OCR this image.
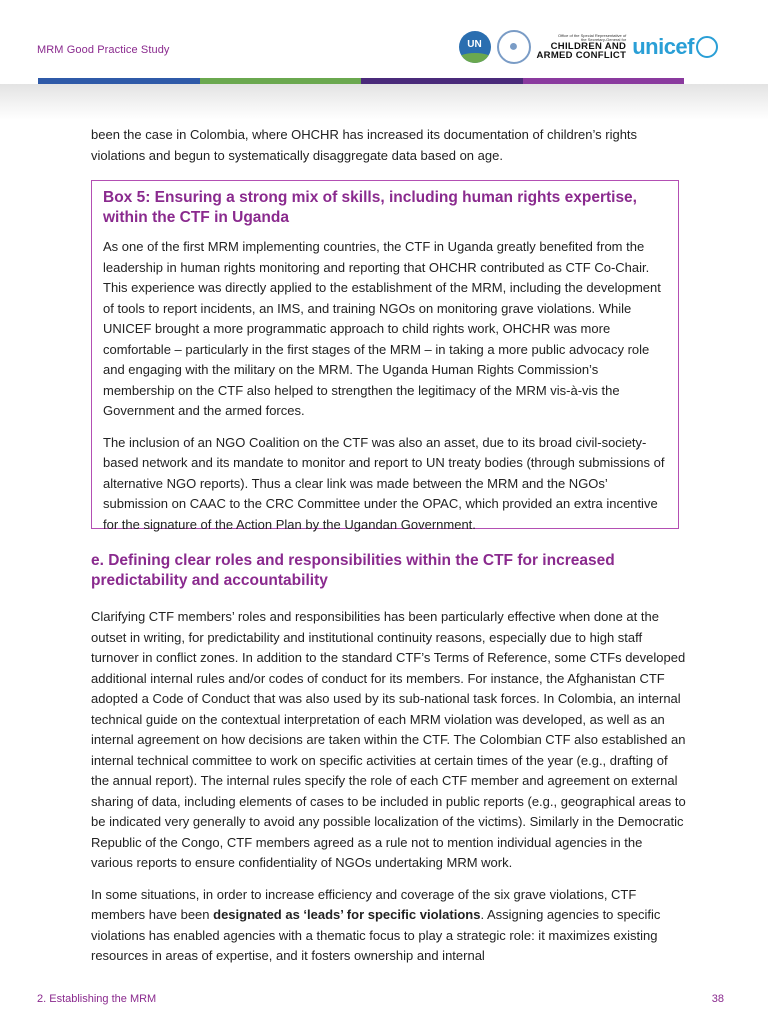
MRM Good Practice Study	UN	●
Office of the Special Representative of the Secretary-General for
CHILDREN AND
ARMED CONFLICT unicef

been the case in Colombia, where OHCHR has increased its documentation of children’s rights violations and begun to systematically disaggregate data based on age.

Box 5: Ensuring a strong mix of skills, including human rights expertise, within the CTF in Uganda

As one of the first MRM implementing countries, the CTF in Uganda greatly benefited from the leadership in human rights monitoring and reporting that OHCHR contributed as CTF Co-Chair. This experience was directly applied to the establishment of the MRM, including the development of tools to report incidents, an IMS, and training NGOs on monitoring grave violations. While UNICEF brought a more programmatic approach to child rights work, OHCHR was more comfortable – particularly in the first stages of the MRM – in taking a more public advocacy role and engaging with the military on the MRM. The Uganda Human Rights Commission’s membership on the CTF also helped to strengthen the legitimacy of the MRM vis-à-vis the Government and the armed forces.

The inclusion of an NGO Coalition on the CTF was also an asset, due to its broad civil-society-based network and its mandate to monitor and report to UN treaty bodies (through submissions of alternative NGO reports). Thus a clear link was made between the MRM and the NGOs’ submission on CAAC to the CRC Committee under the OPAC, which provided an extra incentive for the signature of the Action Plan by the Ugandan Government.

e. Defining clear roles and responsibilities within the CTF for increased predictability and accountability

Clarifying CTF members’ roles and responsibilities has been particularly effective when done at the outset in writing, for predictability and institutional continuity reasons, especially due to high staff turnover in conflict zones. In addition to the standard CTF’s Terms of Reference, some CTFs developed additional internal rules and/or codes of conduct for its members. For instance, the Afghanistan CTF adopted a Code of Conduct that was also used by its sub-national task forces. In Colombia, an internal technical guide on the contextual interpretation of each MRM violation was developed, as well as an internal agreement on how decisions are taken within the CTF. The Colombian CTF also established an internal technical committee to work on specific activities at certain times of the year (e.g., drafting of the annual report). The internal rules specify the role of each CTF member and agreement on external sharing of data, including elements of cases to be included in public reports (e.g., geographical areas to be indicated very generally to avoid any possible localization of the victims). Similarly in the Democratic Republic of the Congo, CTF members agreed as a rule not to mention individual agencies in the various reports to ensure confidentiality of NGOs undertaking MRM work.

In some situations, in order to increase efficiency and coverage of the six grave violations, CTF members have been designated as ‘leads’ for specific violations. Assigning agencies to specific violations has enabled agencies with a thematic focus to play a strategic role: it maximizes existing resources in areas of expertise, and it fosters ownership and internal

2. Establishing the MRM	38
